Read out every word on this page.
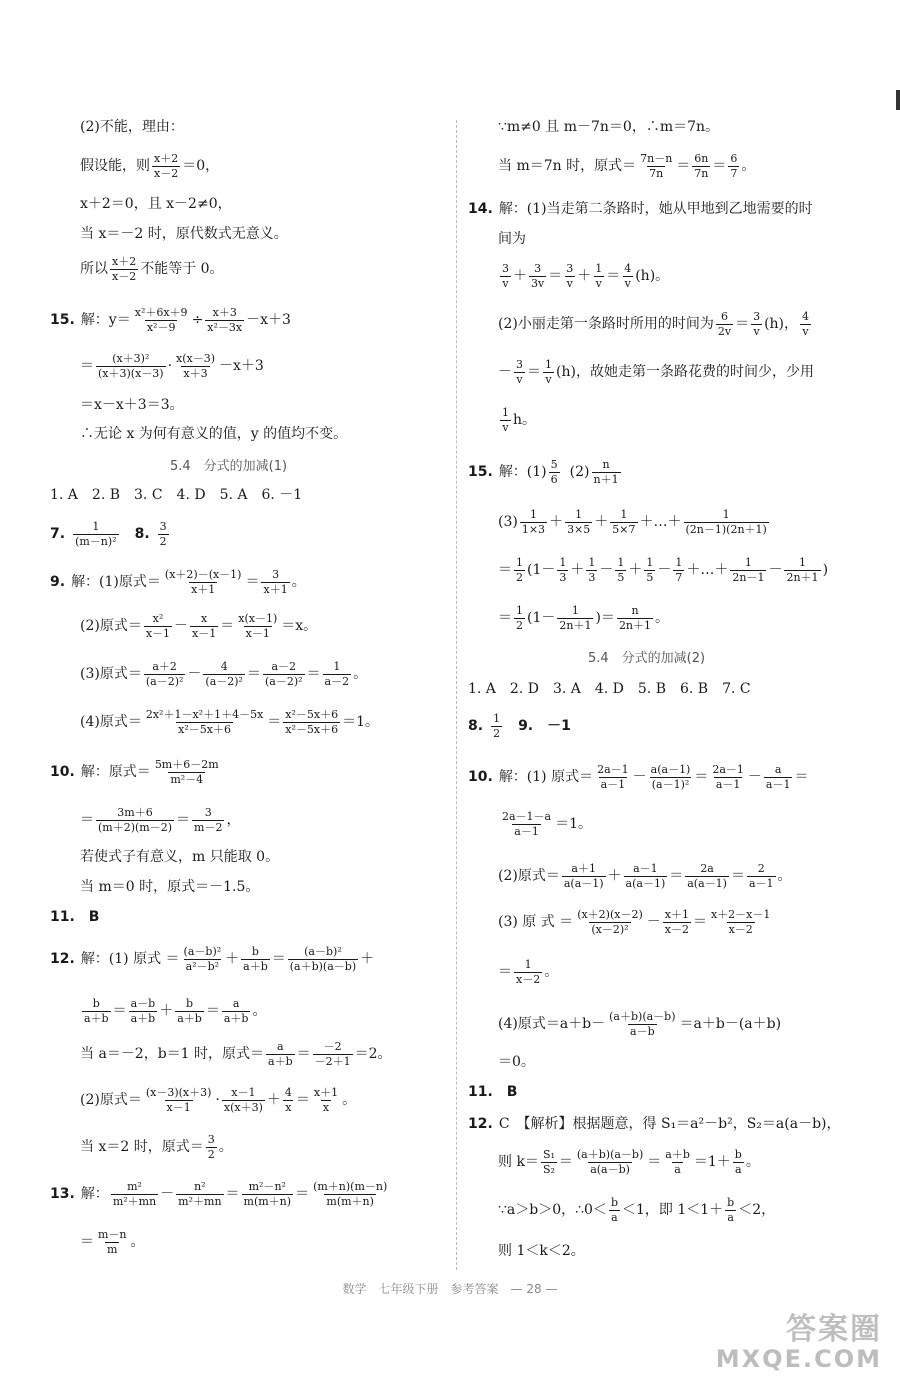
(2)不能，理由：
假设能，则 $\frac{x+2}{x-2} =0$，
x＋2＝0，且 x－2≠0，
当 x＝－2 时，原代数式无意义。
所以 $\frac{x+2}{x-2}$ 不能等于 0。
15. 解：$y= \frac{\text{x²＋6x＋9}}{\text{x²－9}} \div \frac{x+3}{\text{x²－3x}} -x+3$
＝ $\frac{\text{(x＋3)²}}{(x+3)(x-3)} \cdot \frac{x(x-3)}{x+3} -x+3$
＝x－x＋3＝3。
∴无论 x 为何有意义的值，y 的值均不变。
5.4　分式的加减(1)
1. A　2. B　3. C　4. D　5. A　6. －1
7. $\frac{1}{\text{(m－n)²}} 8$. $\frac{3}{2}$
9. 解：(1)原式＝ $\frac{(x+2)-(x-1)}{x+1} = \frac{3}{x+1}$ 。
(2)原式＝ $\frac{\text{x²}}{x-1} - \frac{x}{x-1} = \frac{x(x-1)}{x-1} =x$。
(3)原式＝ $\frac{a+2}{\text{(a－2)²}} - \frac{4}{\text{(a－2)²}} = \frac{a-2}{\text{(a－2)²}} = \frac{1}{a-2}$ 。
(4)原式＝ $\frac{\text{2x²＋1－x²＋1＋4－5x}}{\text{x²－5x＋6}} = \frac{\text{x²－5x＋6}}{\text{x²－5x＋6}} =1$。
10. 解：原式＝ $\frac{5m+6-2m}{\text{m²－4}}$
＝ $\frac{3m+6}{(m+2)(m-2)} = \frac{3}{m-2}$ ，
若使式子有意义，m 只能取 0。
当 m＝0 时，原式＝－1.5。
11.　B
12. 解：(1) 原式 ＝ $\frac{\text{(a－b)²}}{\text{a²－b²}} + \frac{b}{a+b} = \frac{\text{(a－b)²}}{(a+b)(a-b)}$ ＋
$\frac{b}{a+b} = \frac{a-b}{a+b} + \frac{b}{a+b} = \frac{a}{a+b}$ 。
当 a＝－2，b＝1 时，原式＝ $\frac{a}{a+b} = \frac{-2}{-2+1} =2$。
(2)原式＝ $\frac{(x-3)(x+3)}{x-1} \cdot \frac{x-1}{x(x+3)} + \frac{4}{x} = \frac{x+1}{x}$ 。
当 x＝2 时，原式＝ $\frac{3}{2}$ 。
13. 解： $\frac{\text{m²}}{\text{m²＋mn}} - \frac{\text{n²}}{\text{m²＋mn}} = \frac{\text{m²－n²}}{m(m+n)} = \frac{(m+n)(m-n)}{m(m+n)}$
＝ $\frac{m-n}{m}$ 。
∵m≠0 且 m－7n＝0，∴m＝7n。
当 m＝7n 时，原式＝ $\frac{7n-n}{7n} = \frac{6n}{7n} = \frac{6}{7}$ 。
14. 解：(1)当走第二条路时，她从甲地到乙地需要的时
间为
$\frac{3}{v} + \frac{3}{3v} = \frac{3}{v} + \frac{1}{v} = \frac{4}{v} (h)$。
(2)小丽走第一条路时所用的时间为 $\frac{6}{2v} = \frac{3}{v} (h)$， $\frac{4}{v}$
－ $\frac{3}{v} = \frac{1}{v} (h)$，故她走第一条路花费的时间少，少用
$\frac{1}{v}$ h。
15. 解：$(1) \frac{5}{6} (2) \frac{n}{n+1}$
$(3) \frac{1}{1\times 3} + \frac{1}{3\times 5} + \frac{1}{5\times 7}$ ＋…＋ $\frac{1}{(2n-1)(2n+1)}$
＝ $\frac{1}{2} (1- \frac{1}{3} + \frac{1}{3} - \frac{1}{5} + \frac{1}{5} - \frac{1}{7}$ ＋…＋ $\frac{1}{2n-1} - \frac{1}{2n+1}$ )
＝ $\frac{1}{2} (1- \frac{1}{2n+1}$ )＝ $\frac{n}{2n+1}$ 。
5.4　分式的加减(2)
1. A　2. D　3. A　4. D　5. B　6. B　7. C
8. $\frac{1}{2} 9$.　－1
10. 解：(1) 原式＝ $\frac{2a-1}{a-1} - \frac{a(a-1)}{\text{(a－1)²}} = \frac{2a-1}{a-1} - \frac{a}{a-1}$ ＝
$\frac{2a-1-a}{a-1} =1$。
(2)原式＝ $\frac{a+1}{a(a-1)} + \frac{a-1}{a(a-1)} = \frac{2a}{a(a-1)} = \frac{2}{a-1}$ 。
(3) 原 式 ＝ $\frac{(x+2)(x-2)}{\text{(x－2)²}} - \frac{x+1}{x-2} = \frac{x+2-x-1}{x-2}$
＝ $\frac{1}{x-2}$ 。
(4)原式$=a+b- \frac{(a+b)(a-b)}{a-b} =a+b-(a+b)$
＝0。
11.　B
12. C　【解析】根据题意，得 S₁＝a²－b²，S₂＝a(a－b)，
则 $k= \frac{\text{S₁}}{\text{S₂}} = \frac{(a+b)(a-b)}{a(a-b)} = \frac{a+b}{a} =1+ \frac{b}{a}$ 。
∵a＞b＞0，∴0＜ $\frac{b}{a} <1$，即 $1<1+ \frac{b}{a} <2$，
则 1＜k＜2。
数学　七年级下册　参考答案　— 28 —
答案圈
MXQE.COM
